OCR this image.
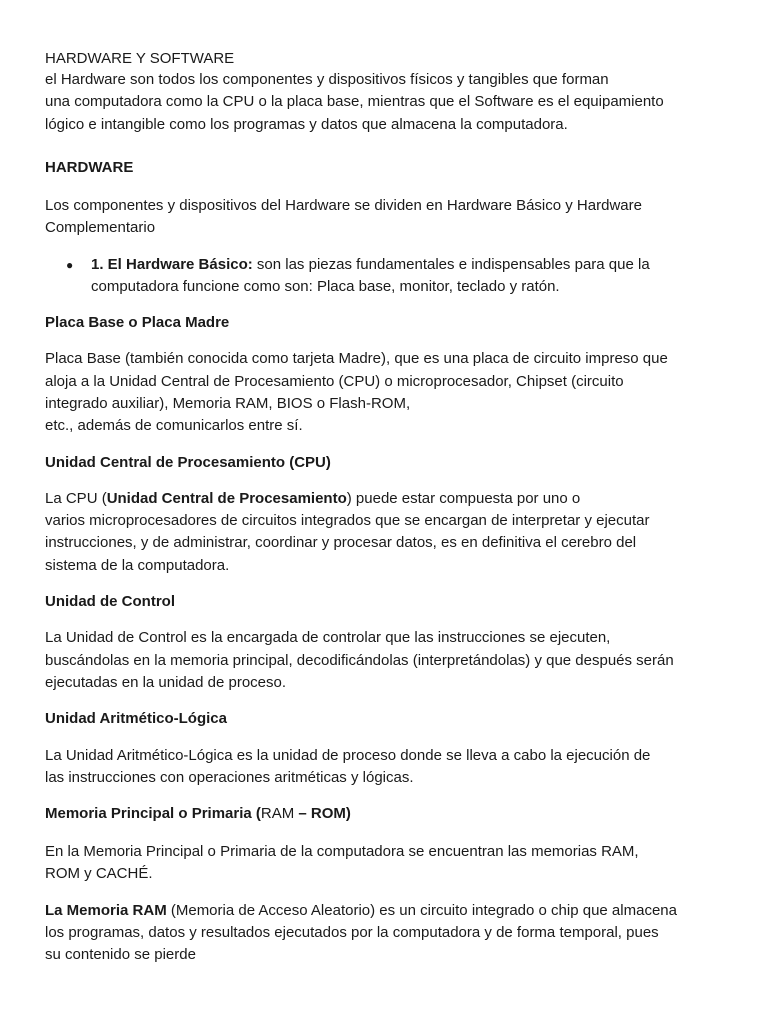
HARDWARE Y SOFTWARE
el Hardware son todos los componentes y dispositivos físicos y tangibles que forman
una computadora como la CPU o la placa base, mientras que el Software es el equipamiento
lógico e intangible como los programas y datos que almacena la computadora.
HARDWARE
Los componentes y dispositivos del Hardware se dividen en Hardware Básico y Hardware
Complementario
● 1. El Hardware Básico: son las piezas fundamentales e indispensables para que la
computadora funcione como son: Placa base, monitor, teclado y ratón.
Placa Base o Placa Madre
Placa Base (también conocida como tarjeta Madre), que es una placa de circuito impreso que
aloja a la Unidad Central de Procesamiento (CPU) o microprocesador, Chipset (circuito
integrado auxiliar), Memoria RAM, BIOS o Flash-ROM,
etc., además de comunicarlos entre sí.
Unidad Central de Procesamiento (CPU)
La CPU (Unidad Central de Procesamiento) puede estar compuesta por uno o
varios microprocesadores de circuitos integrados que se encargan de interpretar y ejecutar
instrucciones, y de administrar, coordinar y procesar datos, es en definitiva el cerebro del
sistema de la computadora.
Unidad de Control
La Unidad de Control es la encargada de controlar que las instrucciones se ejecuten,
buscándolas en la memoria principal, decodificándolas (interpretándolas) y que después serán
ejecutadas en la unidad de proceso.
Unidad Aritmético-Lógica
La Unidad Aritmético-Lógica es la unidad de proceso donde se lleva a cabo la ejecución de
las instrucciones con operaciones aritméticas y lógicas.
Memoria Principal o Primaria (RAM – ROM)
En la Memoria Principal o Primaria de la computadora se encuentran las memorias RAM,
ROM y CACHÉ.
La Memoria RAM (Memoria de Acceso Aleatorio) es un circuito integrado o chip que almacena
los programas, datos y resultados ejecutados por la computadora y de forma temporal, pues
su contenido se pierde
